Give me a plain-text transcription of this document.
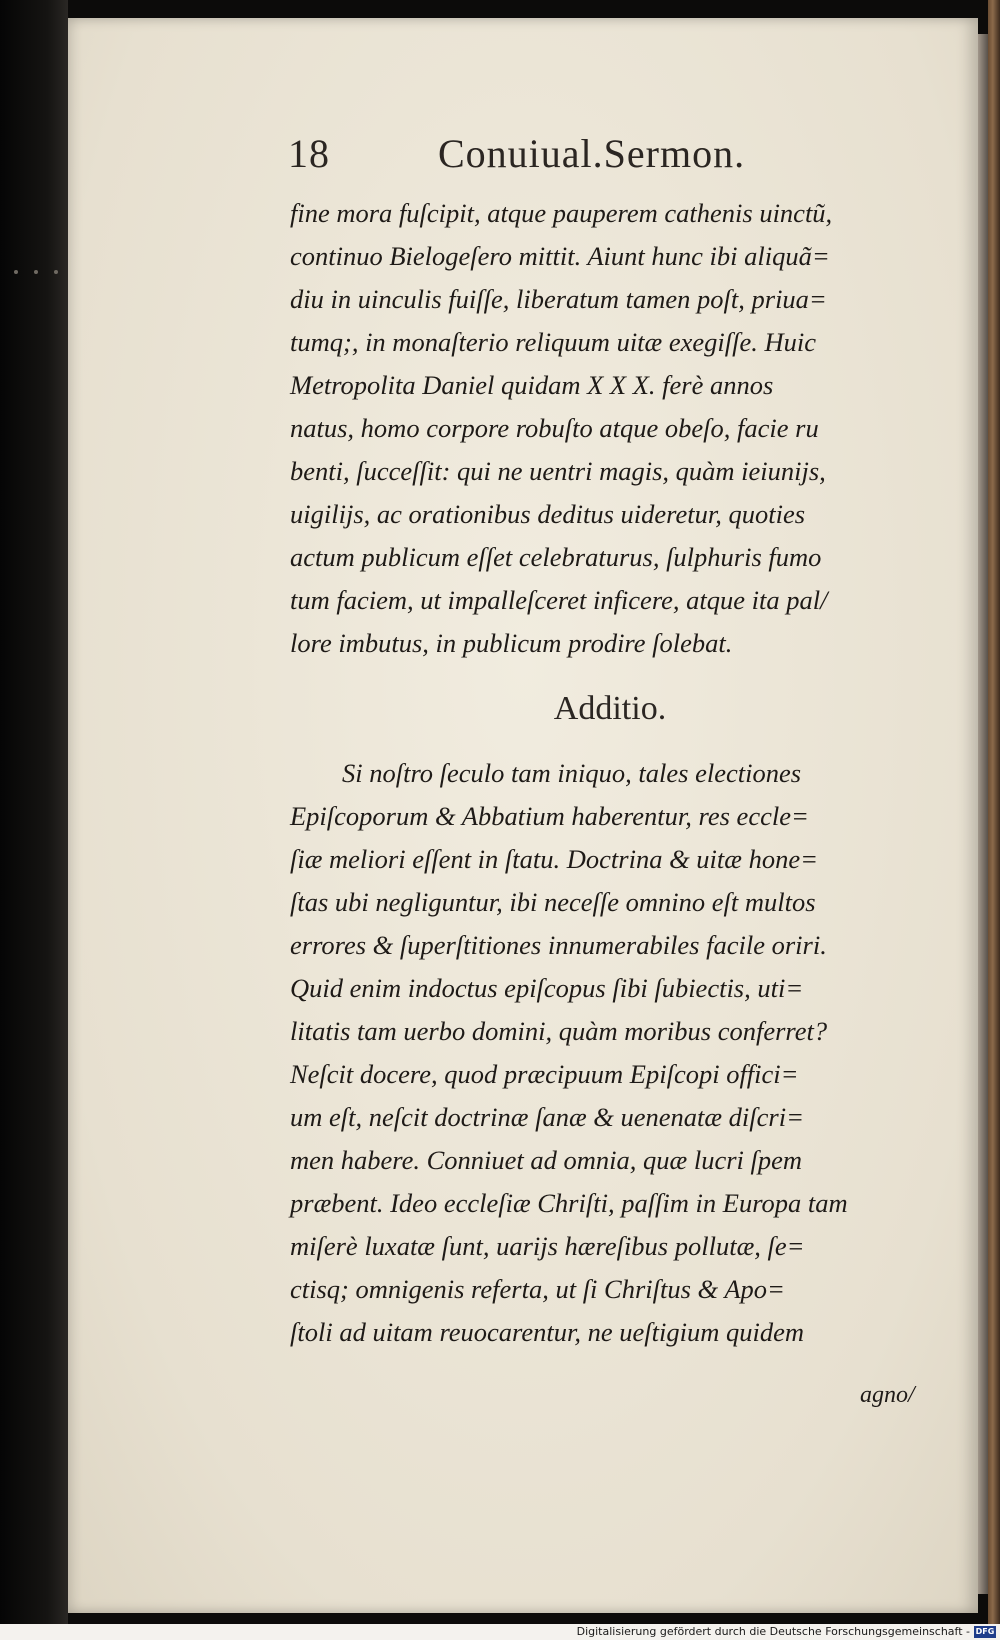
18	Conuiual.Sermon.
fine mora fuſcipit, atque pauperem cathenis uinctũ,
continuo Bielogeſero mittit. Aiunt hunc ibi aliquã=
diu in uinculis fuiſſe, liberatum tamen poſt, priua=
tumq;, in monaſterio reliquum uitæ exegiſſe. Huic
Metropolita Daniel quidam X X X. ferè annos
natus, homo corpore robuſto atque obeſo, facie ru
benti, ſucceſſit: qui ne uentri magis, quàm ieiunijs,
uigilijs, ac orationibus deditus uideretur, quoties
actum publicum eſſet celebraturus, ſulphuris fumo
tum faciem, ut impalleſceret inficere, atque ita pal/
lore imbutus, in publicum prodire ſolebat.
Additio.
Si noſtro ſeculo tam iniquo, tales electiones
Epiſcoporum & Abbatium haberentur, res eccle=
ſiæ meliori eſſent in ſtatu. Doctrina & uitæ hone=
ſtas ubi negliguntur, ibi neceſſe omnino eſt multos
errores & ſuperſtitiones innumerabiles facile oriri.
Quid enim indoctus epiſcopus ſibi ſubiectis, uti=
litatis tam uerbo domini, quàm moribus conferret?
Neſcit docere, quod præcipuum Epiſcopi offici=
um eſt, neſcit doctrinæ ſanæ & uenenatæ diſcri=
men habere. Conniuet ad omnia, quæ lucri ſpem
præbent. Ideo eccleſiæ Chriſti, paſſim in Europa tam
miſerè luxatæ ſunt, uarijs hæreſibus pollutæ, ſe=
ctisq; omnigenis referta, ut ſi Chriſtus & Apo=
ſtoli ad uitam reuocarentur, ne ueſtigium quidem
agno/
Digitalisierung gefördert durch die Deutsche Forschungsgemeinschaft - DFG
